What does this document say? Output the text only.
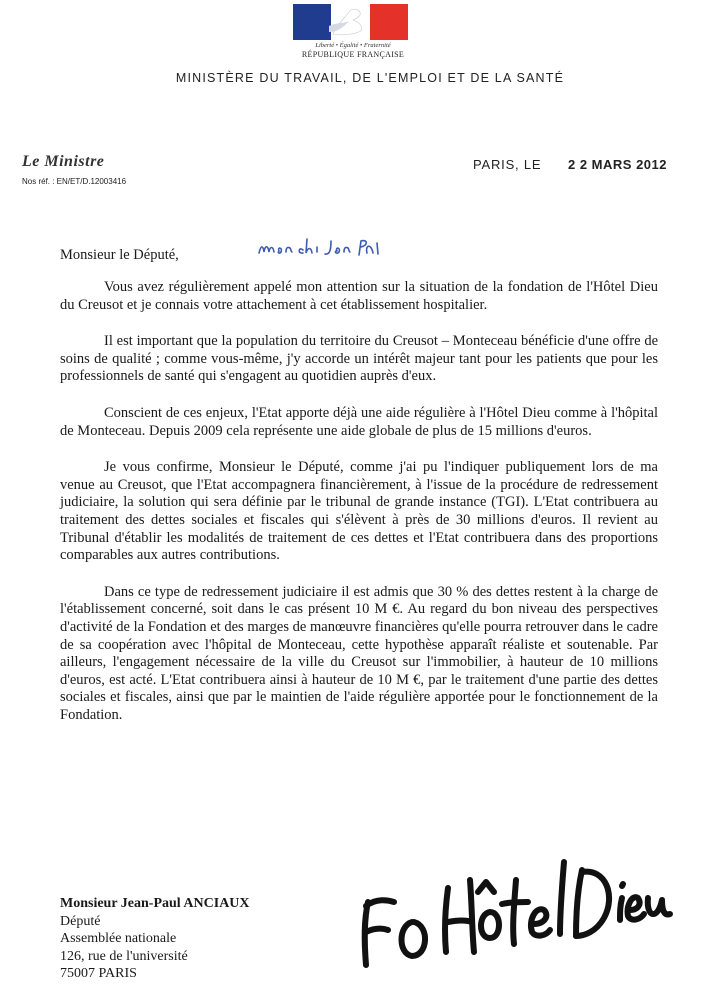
Liberté • Égalité • Fraternité
RÉPUBLIQUE FRANÇAISE
MINISTÈRE DU TRAVAIL, DE L'EMPLOI ET DE LA SANTÉ
Le Ministre
Nos réf. : EN/ET/D.12003416
PARIS, LE 2 2 MARS 2012
Monsieur le Député,

Vous avez régulièrement appelé mon attention sur la situation de la fondation de l'Hôtel Dieu du Creusot et je connais votre attachement à cet établissement hospitalier.

Il est important que la population du territoire du Creusot – Monteceau bénéficie d'une offre de soins de qualité ; comme vous-même, j'y accorde un intérêt majeur tant pour les patients que pour les professionnels de santé qui s'engagent au quotidien auprès d'eux.

Conscient de ces enjeux, l'Etat apporte déjà une aide régulière à l'Hôtel Dieu comme à l'hôpital de Monteceau. Depuis 2009 cela représente une aide globale de plus de 15 millions d'euros.

Je vous confirme, Monsieur le Député, comme j'ai pu l'indiquer publiquement lors de ma venue au Creusot, que l'Etat accompagnera financièrement, à l'issue de la procédure de redressement judiciaire, la solution qui sera définie par le tribunal de grande instance (TGI). L'Etat contribuera au traitement des dettes sociales et fiscales qui s'élèvent à près de 30 millions d'euros. Il revient au Tribunal d'établir les modalités de traitement de ces dettes et l'Etat contribuera dans des proportions comparables aux autres contributions.

Dans ce type de redressement judiciaire il est admis que 30 % des dettes restent à la charge de l'établissement concerné, soit dans le cas présent 10 M €. Au regard du bon niveau des perspectives d'activité de la Fondation et des marges de manœuvre financières qu'elle pourra retrouver dans le cadre de sa coopération avec l'hôpital de Monteceau, cette hypothèse apparaît réaliste et soutenable. Par ailleurs, l'engagement nécessaire de la ville du Creusot sur l'immobilier, à hauteur de 10 millions d'euros, est acté. L'Etat contribuera ainsi à hauteur de 10 M €, par le traitement d'une partie des dettes sociales et fiscales, ainsi que par le maintien de l'aide régulière apportée pour le fonctionnement de la Fondation.

Monsieur Jean-Paul ANCIAUX
Député
Assemblée nationale
126, rue de l'université
75007 PARIS
